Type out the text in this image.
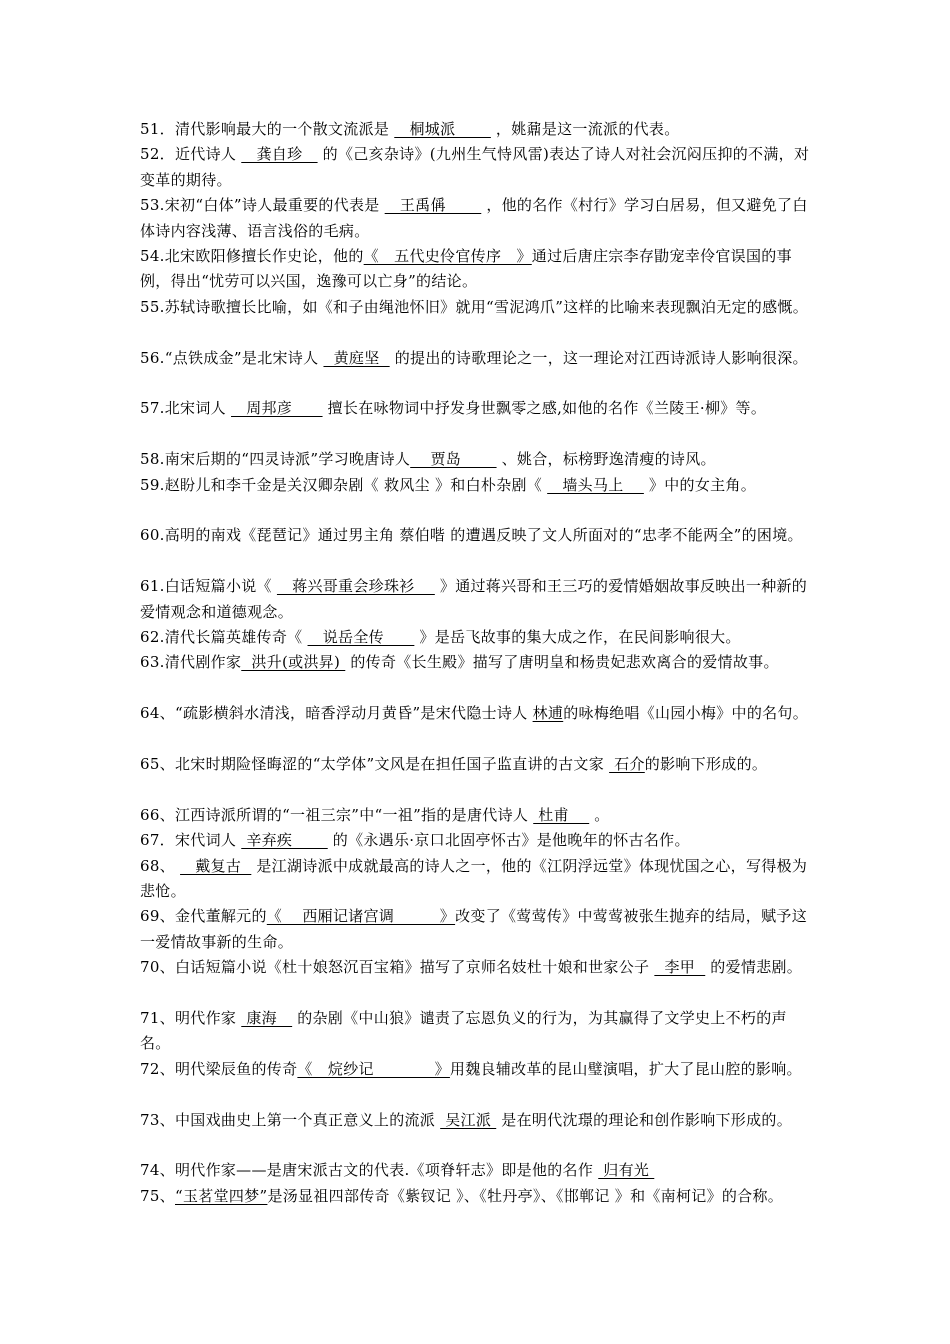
51．清代影响最大的一个散文流派是    桐城派        ，姚鼐是这一流派的代表。
52．近代诗人    龚自珍    的《己亥杂诗》(九州生气恃风雷)表达了诗人对社会沉闷压抑的不满，对变革的期待。
53.宋初“白体”诗人最重要的代表是    王禹偁        ，他的名作《村行》学习白居易，但又避免了白体诗内容浅薄、语言浅俗的毛病。
54.北宋欧阳修擅长作史论，他的《   五代史伶官传序   》通过后唐庄宗李存勖宠幸伶官误国的事例，得出“忧劳可以兴国，逸豫可以亡身”的结论。
55.苏轼诗歌擅长比喻，如《和子由绳池怀旧》就用“雪泥鸿爪”这样的比喻来表现飘泊无定的感慨。
56.“点铁成金”是北宋诗人   黄庭坚   的提出的诗歌理论之一，这一理论对江西诗派诗人影响很深。
57.北宋词人    周邦彦       擅长在咏物词中抒发身世飘零之感,如他的名作《兰陵王·柳》等。
58.南宋后期的“四灵诗派”学习晚唐诗人    贾岛        、姚合，标榜野逸清瘦的诗风。
59.赵盼儿和李千金是关汉卿杂剧《 救风尘 》和白朴杂剧《    墙头马上     》中的女主角。
60.高明的南戏《琵琶记》通过男主角 蔡伯喈 的遭遇反映了文人所面对的“忠孝不能两全”的困境。
61.白话短篇小说《    蒋兴哥重会珍珠衫     》通过蒋兴哥和王三巧的爱情婚姻故事反映出一种新的爱情观念和道德观念。
62.清代长篇英雄传奇《    说岳全传       》是岳飞故事的集大成之作，在民间影响很大。
63.清代剧作家  洪升(或洪昇)  的传奇《长生殿》描写了唐明皇和杨贵妃悲欢离合的爱情故事。
64、“疏影横斜水清浅，暗香浮动月黄昏”是宋代隐士诗人 林逋的咏梅绝唱《山园小梅》中的名句。
65、北宋时期险怪晦涩的“太学体”文风是在担任国子监直讲的古文家  石介的影响下形成的。
66、江西诗派所谓的“一祖三宗”中“一祖”指的是唐代诗人  杜甫     。
67．宋代词人  辛弃疾        的《永遇乐·京口北固亭怀古》是他晚年的怀古名作。
68、    戴复古   是江湖诗派中成就最高的诗人之一，他的《江阴浮远堂》体现忧国之心，写得极为悲怆。
69、金代董解元的《    西厢记诸宫调         》改变了《莺莺传》中莺莺被张生抛弃的结局，赋予这一爱情故事新的生命。
70、白话短篇小说《杜十娘怒沉百宝箱》描写了京师名妓杜十娘和世家公子   李甲   的爱情悲剧。
71、明代作家  康海    的杂剧《中山狼》谴责了忘恩负义的行为，为其赢得了文学史上不朽的声名。
72、明代梁辰鱼的传奇《   烷纱记            》用魏良辅改革的昆山璧演唱，扩大了昆山腔的影响。
73、中国戏曲史上第一个真正意义上的流派  吴江派  是在明代沈璟的理论和创作影响下形成的。
74、明代作家——是唐宋派古文的代表.《项脊轩志》即是他的名作  归有光
75、“玉茗堂四梦”是汤显祖四部传奇《紫钗记 》、《牡丹亭》、《邯郸记 》和《南柯记》的合称。
